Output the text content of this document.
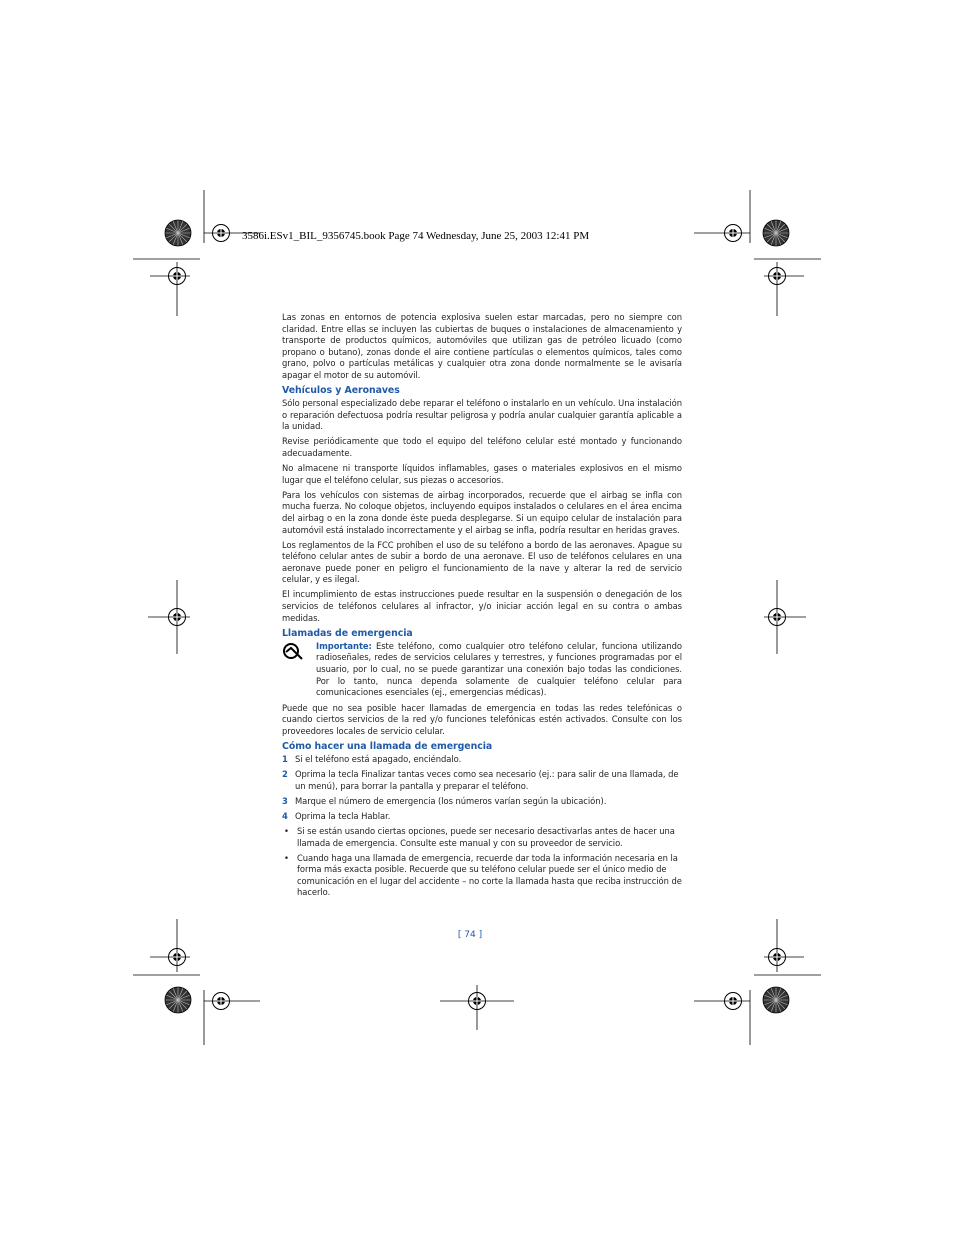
3586i.ESv1_BIL_9356745.book Page 74 Wednesday, June 25, 2003 12:41 PM

Las zonas en entornos de potencia explosiva suelen estar marcadas, pero no siempre con claridad. Entre ellas se incluyen las cubiertas de buques o instalaciones de almacenamiento y transporte de productos químicos, automóviles que utilizan gas de petróleo licuado (como propano o butano), zonas donde el aire contiene partículas o elementos químicos, tales como grano, polvo o partículas metálicas y cualquier otra zona donde normalmente se le avisaría apagar el motor de su automóvil.

Vehículos y Aeronaves

Sólo personal especializado debe reparar el teléfono o instalarlo en un vehículo. Una instalación o reparación defectuosa podría resultar peligrosa y podría anular cualquier garantía aplicable a la unidad.

Revise periódicamente que todo el equipo del teléfono celular esté montado y funcionando adecuadamente.

No almacene ni transporte líquidos inflamables, gases o materiales explosivos en el mismo lugar que el teléfono celular, sus piezas o accesorios.

Para los vehículos con sistemas de airbag incorporados, recuerde que el airbag se infla con mucha fuerza. No coloque objetos, incluyendo equipos instalados o celulares en el área encima del airbag o en la zona donde éste pueda desplegarse. Si un equipo celular de instalación para automóvil está instalado incorrectamente y el airbag se infla, podría resultar en heridas graves.

Los reglamentos de la FCC prohíben el uso de su teléfono a bordo de las aeronaves. Apague su teléfono celular antes de subir a bordo de una aeronave. El uso de teléfonos celulares en una aeronave puede poner en peligro el funcionamiento de la nave y alterar la red de servicio celular, y es ilegal.

El incumplimiento de estas instrucciones puede resultar en la suspensión o denegación de los servicios de teléfonos celulares al infractor, y/o iniciar acción legal en su contra o ambas medidas.

Llamadas de emergencia
Importante: Este teléfono, como cualquier otro teléfono celular, funciona utilizando radioseñales, redes de servicios celulares y terrestres, y funciones programadas por el usuario, por lo cual, no se puede garantizar una conexión bajo todas las condiciones. Por lo tanto, nunca dependa solamente de cualquier teléfono celular para comunicaciones esenciales (ej., emergencias médicas).

Puede que no sea posible hacer llamadas de emergencia en todas las redes telefónicas o cuando ciertos servicios de la red y/o funciones telefónicas estén activados. Consulte con los proveedores locales de servicio celular.

Cómo hacer una llamada de emergencia
1 Si el teléfono está apagado, enciéndalo.
2 Oprima la tecla Finalizar tantas veces como sea necesario (ej.: para salir de una llamada, de un menú), para borrar la pantalla y preparar el teléfono.
3 Marque el número de emergencia (los números varían según la ubicación).
4 Oprima la tecla Hablar.
• Si se están usando ciertas opciones, puede ser necesario desactivarlas antes de hacer una llamada de emergencia. Consulte este manual y con su proveedor de servicio.
• Cuando haga una llamada de emergencia, recuerde dar toda la información necesaria en la forma más exacta posible. Recuerde que su teléfono celular puede ser el único medio de comunicación en el lugar del accidente – no corte la llamada hasta que reciba instrucción de hacerlo.
[ 74 ]
